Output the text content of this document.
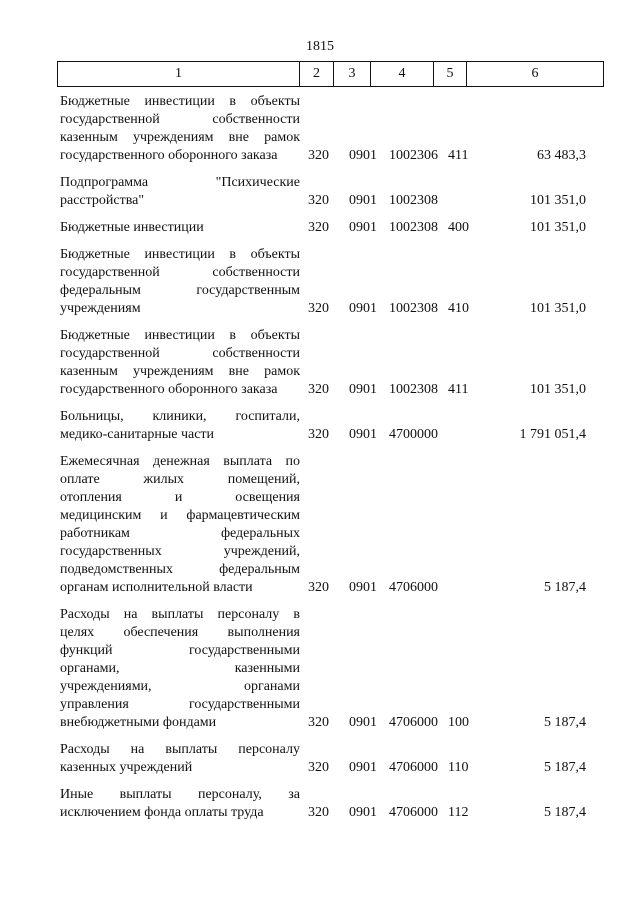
1815
1	2	3	4	5	6
Бюджетные инвестиции в объекты
государственной собственности
казенным учреждениям вне рамок
государственного оборонного заказа	320 0901 1002306 411	63 483,3
Подпрограмма "Психические
расстройства"	320 0901 1002308	101 351,0
Бюджетные инвестиции	320 0901 1002308 400	101 351,0
Бюджетные инвестиции в объекты
государственной собственности
федеральным государственным
учреждениям	320 0901 1002308 410	101 351,0
Бюджетные инвестиции в объекты
государственной собственности
казенным учреждениям вне рамок
государственного оборонного заказа	320 0901 1002308 411	101 351,0
Больницы, клиники, госпитали,
медико-санитарные части	320 0901 4700000	1 791 051,4
Ежемесячная денежная выплата по
оплате жилых помещений,
отопления и освещения
медицинским и фармацевтическим
работникам федеральных
государственных учреждений,
подведомственных федеральным
органам исполнительной власти	320 0901 4706000	5 187,4
Расходы на выплаты персоналу в
целях обеспечения выполнения
функций государственными
органами, казенными
учреждениями, органами
управления государственными
внебюджетными фондами	320 0901 4706000 100	5 187,4
Расходы на выплаты персоналу
казенных учреждений	320 0901 4706000 110	5 187,4
Иные выплаты персоналу, за
исключением фонда оплаты труда	320 0901 4706000 112	5 187,4
